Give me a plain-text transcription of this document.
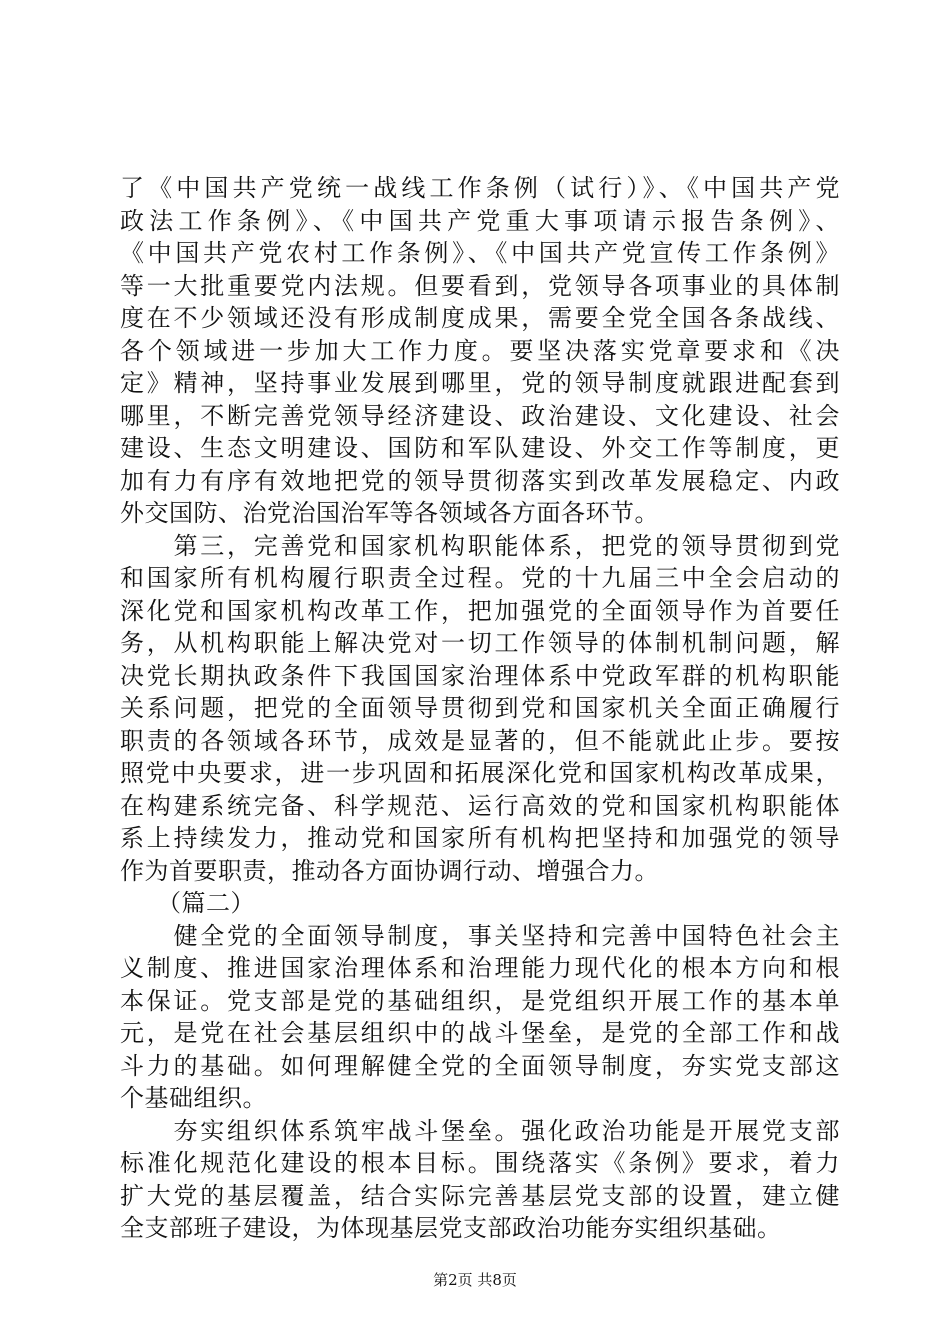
了《中国共产党统一战线工作条例（试行）》、《中国共产党
政法工作条例》、《中国共产党重大事项请示报告条例》、
《中国共产党农村工作条例》、《中国共产党宣传工作条例》
等一大批重要党内法规。但要看到，党领导各项事业的具体制
度在不少领域还没有形成制度成果，需要全党全国各条战线、
各个领域进一步加大工作力度。要坚决落实党章要求和《决
定》精神，坚持事业发展到哪里，党的领导制度就跟进配套到
哪里，不断完善党领导经济建设、政治建设、文化建设、社会
建设、生态文明建设、国防和军队建设、外交工作等制度，更
加有力有序有效地把党的领导贯彻落实到改革发展稳定、内政
外交国防、治党治国治军等各领域各方面各环节。
　　第三，完善党和国家机构职能体系，把党的领导贯彻到党
和国家所有机构履行职责全过程。党的十九届三中全会启动的
深化党和国家机构改革工作，把加强党的全面领导作为首要任
务，从机构职能上解决党对一切工作领导的体制机制问题，解
决党长期执政条件下我国国家治理体系中党政军群的机构职能
关系问题，把党的全面领导贯彻到党和国家机关全面正确履行
职责的各领域各环节，成效是显著的，但不能就此止步。要按
照党中央要求，进一步巩固和拓展深化党和国家机构改革成果，
在构建系统完备、科学规范、运行高效的党和国家机构职能体
系上持续发力，推动党和国家所有机构把坚持和加强党的领导
作为首要职责，推动各方面协调行动、增强合力。
　　（篇二）
　　健全党的全面领导制度，事关坚持和完善中国特色社会主
义制度、推进国家治理体系和治理能力现代化的根本方向和根
本保证。党支部是党的基础组织，是党组织开展工作的基本单
元，是党在社会基层组织中的战斗堡垒，是党的全部工作和战
斗力的基础。如何理解健全党的全面领导制度，夯实党支部这
个基础组织。
　　夯实组织体系筑牢战斗堡垒。强化政治功能是开展党支部
标准化规范化建设的根本目标。围绕落实《条例》要求，着力
扩大党的基层覆盖，结合实际完善基层党支部的设置，建立健
全支部班子建设，为体现基层党支部政治功能夯实组织基础。
第2页 共8页
